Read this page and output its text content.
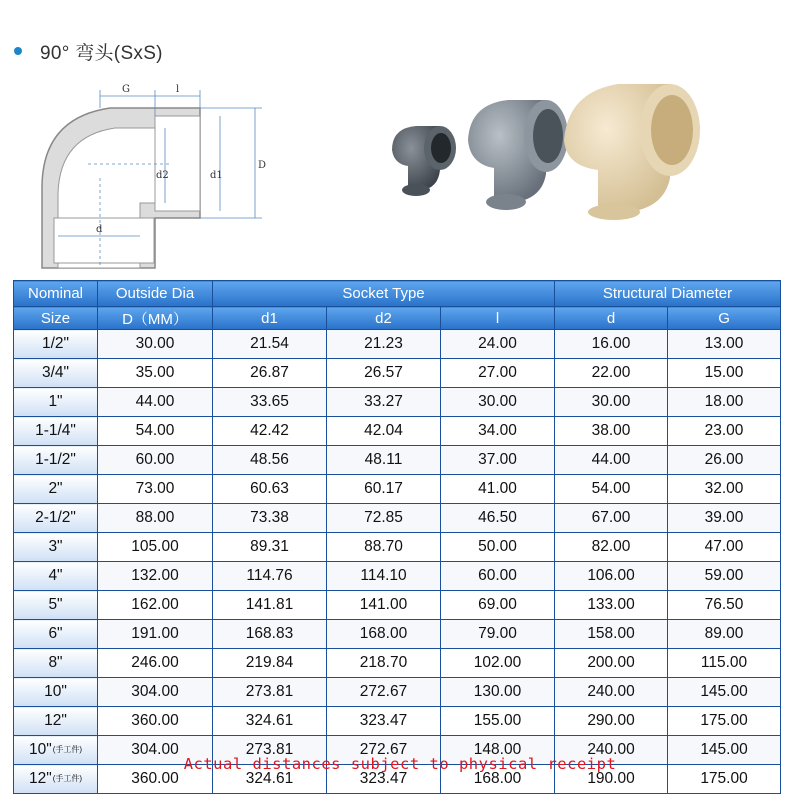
90° 弯头(SxS)
G	l
d2	d1
D
d
Nominal	Outside Dia	Socket Type			Structural Diameter	
Size	D（MM）	d1	d2	l	d	G
1/2"	30.00	21.54	21.23	24.00	16.00	13.00
3/4"	35.00	26.87	26.57	27.00	22.00	15.00
1"	44.00	33.65	33.27	30.00	30.00	18.00
1-1/4"	54.00	42.42	42.04	34.00	38.00	23.00
1-1/2"	60.00	48.56	48.11	37.00	44.00	26.00
2"	73.00	60.63	60.17	41.00	54.00	32.00
2-1/2"	88.00	73.38	72.85	46.50	67.00	39.00
3"	105.00	89.31	88.70	50.00	82.00	47.00
4"	132.00	114.76	114.10	60.00	106.00	59.00
5"	162.00	141.81	141.00	69.00	133.00	76.50
6"	191.00	168.83	168.00	79.00	158.00	89.00
8"	246.00	219.84	218.70	102.00	200.00	115.00
10"	304.00	273.81	272.67	130.00	240.00	145.00
12"	360.00	324.61	323.47	155.00	290.00	175.00
10"(手工件)	304.00	273.81	272.67	148.00	240.00	145.00
12"(手工件)	360.00	324.61	323.47	168.00	190.00	175.00
Actual distances subject to physical receipt
